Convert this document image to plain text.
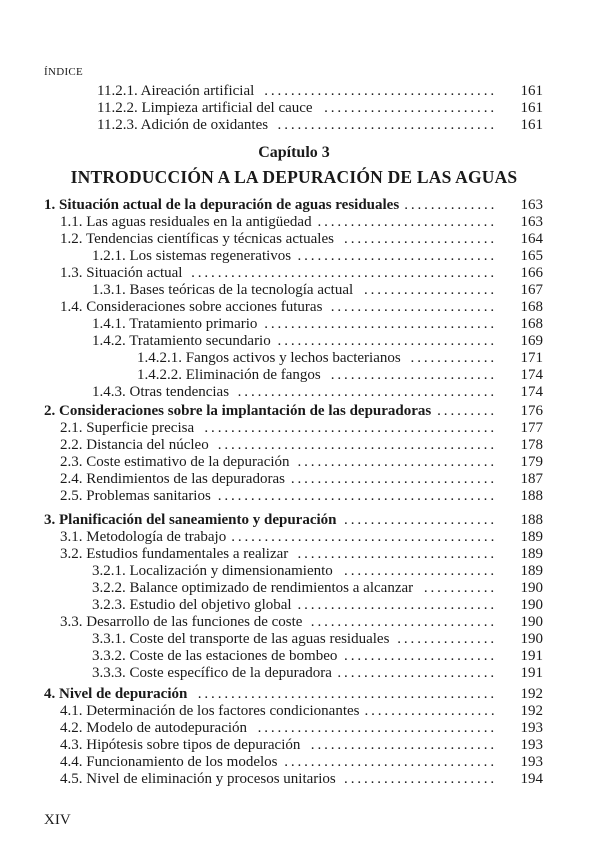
ÍNDICE
Capítulo 3
INTRODUCCIÓN A LA DEPURACIÓN DE LAS AGUAS
11.2.1. Aireación artificial ...................................	161
11.2.2. Limpieza artificial del cauce ..........................	161
11.2.3. Adición de oxidantes .................................	161
1. Situación actual de la depuración de aguas residuales ..............	163
1.1. Las aguas residuales en la antigüedad ...........................	163
1.2. Tendencias científicas y técnicas actuales .......................	164
1.2.1. Los sistemas regenerativos ..............................	165
1.3. Situación actual ..............................................	166
1.3.1. Bases teóricas de la tecnología actual ....................	167
1.4. Consideraciones sobre acciones futuras .........................	168
1.4.1. Tratamiento primario ...................................	168
1.4.2. Tratamiento secundario .................................	169
1.4.2.1. Fangos activos y lechos bacterianos .............	171
1.4.2.2. Eliminación de fangos .........................	174
1.4.3. Otras tendencias .......................................	174
2. Consideraciones sobre la implantación de las depuradoras .........	176
2.1. Superficie precisa ............................................	177
2.2. Distancia del núcleo ..........................................	178
2.3. Coste estimativo de la depuración ..............................	179
2.4. Rendimientos de las depuradoras ...............................	187
2.5. Problemas sanitarios ..........................................	188
3. Planificación del saneamiento y depuración .......................	188
3.1. Metodología de trabajo ........................................	189
3.2. Estudios fundamentales a realizar ..............................	189
3.2.1. Localización y dimensionamiento .......................	189
3.2.2. Balance optimizado de rendimientos a alcanzar ...........	190
3.2.3. Estudio del objetivo global ..............................	190
3.3. Desarrollo de las funciones de coste ............................	190
3.3.1. Coste del transporte de las aguas residuales ...............	190
3.3.2. Coste de las estaciones de bombeo .......................	191
3.3.3. Coste específico de la depuradora ........................	191
4. Nivel de depuración .............................................	192
4.1. Determinación de los factores condicionantes ....................	192
4.2. Modelo de autodepuración ....................................	193
4.3. Hipótesis sobre tipos de depuración ............................	193
4.4. Funcionamiento de los modelos ................................	193
4.5. Nivel de eliminación y procesos unitarios .......................	194
XIV
